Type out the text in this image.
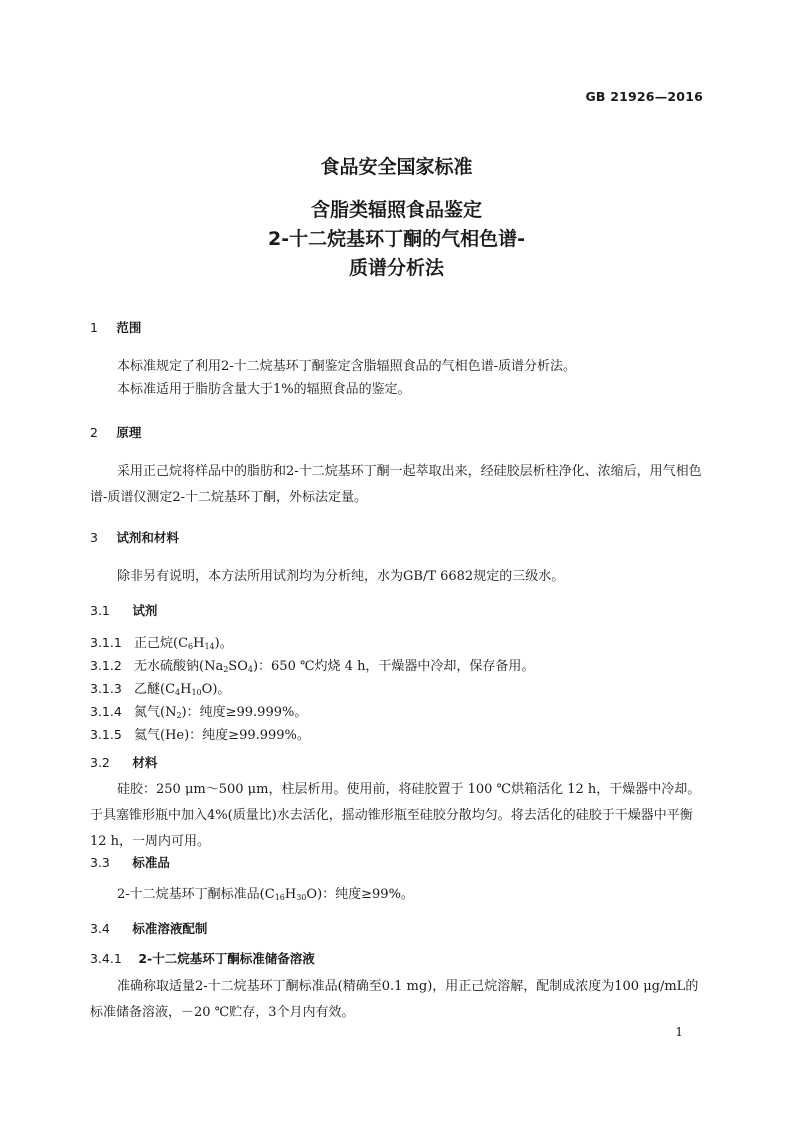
GB 21926—2016
食品安全国家标准
含脂类辐照食品鉴定
2-十二烷基环丁酮的气相色谱-
质谱分析法
1 范围
本标准规定了利用2-十二烷基环丁酮鉴定含脂辐照食品的气相色谱-质谱分析法。
本标准适用于脂肪含量大于1%的辐照食品的鉴定。
2 原理
采用正己烷将样品中的脂肪和2-十二烷基环丁酮一起萃取出来，经硅胶层析柱净化、浓缩后，用气相色谱-质谱仪测定2-十二烷基环丁酮，外标法定量。
3 试剂和材料
除非另有说明，本方法所用试剂均为分析纯，水为GB/T 6682规定的三级水。
3.1 试剂
3.1.1 正己烷$(C_6H_{14})$。
3.1.2 无水硫酸钠$(Na_2SO_4)$：650 ℃灼烧 4 h，干燥器中冷却，保存备用。
3.1.3 乙醚$(C_4H_{10}O)$。
3.1.4 氮气$(N_2)$：纯度≥99.999%。
3.1.5 氦气(He)：纯度≥99.999%。
3.2 材料
硅胶：250 μm～500 μm，柱层析用。使用前，将硅胶置于 100 ℃烘箱活化 12 h，干燥器中冷却。于具塞锥形瓶中加入4%(质量比)水去活化，摇动锥形瓶至硅胶分散均匀。将去活化的硅胶于干燥器中平衡 12 h，一周内可用。
3.3 标准品
2-十二烷基环丁酮标准品$(C_{16}H_{30}O)$：纯度≥99%。
3.4 标准溶液配制
3.4.1 2-十二烷基环丁酮标准储备溶液
准确称取适量2-十二烷基环丁酮标准品(精确至0.1 mg)，用正己烷溶解，配制成浓度为100 μg/mL的标准储备溶液，－20 ℃贮存，3个月内有效。
1
